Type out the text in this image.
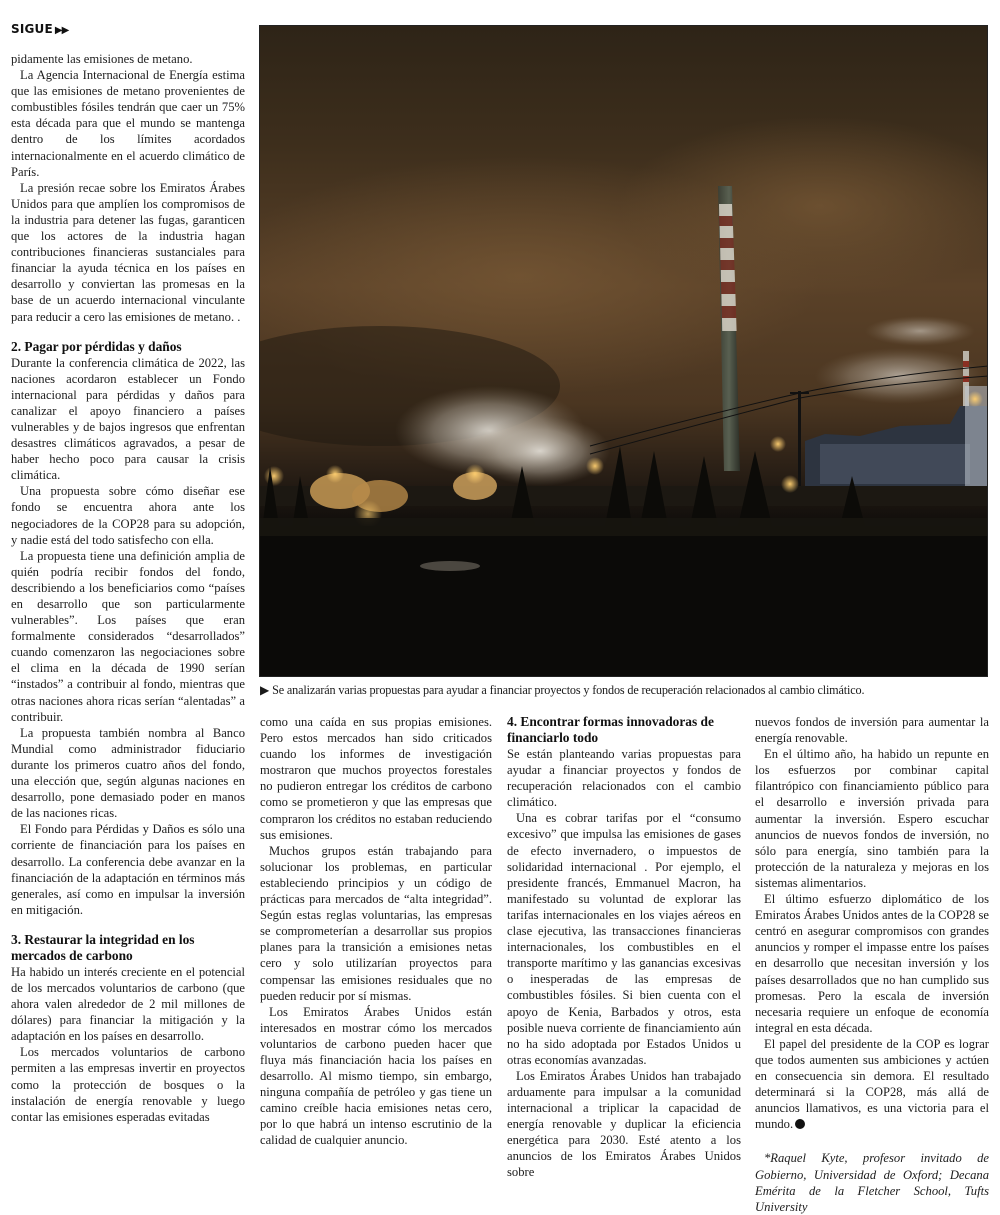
SIGUE ▶▶

pidamente las emisiones de metano.

La Agencia Internacional de Energía estima que las emisiones de metano provenientes de combustibles fósiles tendrán que caer un 75% esta década para que el mundo se mantenga dentro de los límites acordados internacionalmente en el acuerdo climático de París.

La presión recae sobre los Emiratos Árabes Unidos para que amplíen los compromisos de la industria para detener las fugas, garanticen que los actores de la industria hagan contribuciones financieras sustanciales para financiar la ayuda técnica en los países en desarrollo y conviertan las promesas en la base de un acuerdo internacional vinculante para reducir a cero las emisiones de metano. .

2. Pagar por pérdidas y daños

Durante la conferencia climática de 2022, las naciones acordaron establecer un Fondo internacional para pérdidas y daños para canalizar el apoyo financiero a países vulnerables y de bajos ingresos que enfrentan desastres climáticos agravados, a pesar de haber hecho poco para causar la crisis climática.

Una propuesta sobre cómo diseñar ese fondo se encuentra ahora ante los negociadores de la COP28 para su adopción, y nadie está del todo satisfecho con ella.

La propuesta tiene una definición amplia de quién podría recibir fondos del fondo, describiendo a los beneficiarios como “países en desarrollo que son particularmente vulnerables”. Los países que eran formalmente considerados “desarrollados” cuando comenzaron las negociaciones sobre el clima en la década de 1990 serían “instados” a contribuir al fondo, mientras que otras naciones ahora ricas serían “alentadas” a contribuir.

La propuesta también nombra al Banco Mundial como administrador fiduciario durante los primeros cuatro años del fondo, una elección que, según algunas naciones en desarrollo, pone demasiado poder en manos de las naciones ricas.

El Fondo para Pérdidas y Daños es sólo una corriente de financiación para los países en desarrollo. La conferencia debe avanzar en la financiación de la adaptación en términos más generales, así como en impulsar la inversión en mitigación.

3. Restaurar la integridad en los mercados de carbono

Ha habido un interés creciente en el potencial de los mercados voluntarios de carbono (que ahora valen alrededor de 2 mil millones de dólares) para financiar la mitigación y la adaptación en los países en desarrollo.

Los mercados voluntarios de carbono permiten a las empresas invertir en proyectos como la protección de bosques o la instalación de energía renovable y luego contar las emisiones esperadas evitadas

▶ Se analizarán varias propuestas para ayudar a financiar proyectos y fondos de recuperación relacionados al cambio climático.

como una caída en sus propias emisiones. Pero estos mercados han sido criticados cuando los informes de investigación mostraron que muchos proyectos forestales no pudieron entregar los créditos de carbono como se prometieron y que las empresas que compraron los créditos no estaban reduciendo sus emisiones.

Muchos grupos están trabajando para solucionar los problemas, en particular estableciendo principios y un código de prácticas para mercados de “alta integridad”. Según estas reglas voluntarias, las empresas se comprometerían a desarrollar sus propios planes para la transición a emisiones netas cero y solo utilizarían proyectos para compensar las emisiones residuales que no pueden reducir por sí mismas.

Los Emiratos Árabes Unidos están interesados en mostrar cómo los mercados voluntarios de carbono pueden hacer que fluya más financiación hacia los países en desarrollo. Al mismo tiempo, sin embargo, ninguna compañía de petróleo y gas tiene un camino creíble hacia emisiones netas cero, por lo que habrá un intenso escrutinio de la calidad de cualquier anuncio.

4. Encontrar formas innovadoras de financiarlo todo

Se están planteando varias propuestas para ayudar a financiar proyectos y fondos de recuperación relacionados con el cambio climático.

Una es cobrar tarifas por el “consumo excesivo” que impulsa las emisiones de gases de efecto invernadero, o impuestos de solidaridad internacional . Por ejemplo, el presidente francés, Emmanuel Macron, ha manifestado su voluntad de explorar las tarifas internacionales en los viajes aéreos en clase ejecutiva, las transacciones financieras internacionales, los combustibles en el transporte marítimo y las ganancias excesivas o inesperadas de las empresas de combustibles fósiles. Si bien cuenta con el apoyo de Kenia, Barbados y otros, esta posible nueva corriente de financiamiento aún no ha sido adoptada por Estados Unidos u otras economías avanzadas.

Los Emiratos Árabes Unidos han trabajado arduamente para impulsar a la comunidad internacional a triplicar la capacidad de energía renovable y duplicar la eficiencia energética para 2030. Esté atento a los anuncios de los Emiratos Árabes Unidos sobre

nuevos fondos de inversión para aumentar la energía renovable.

En el último año, ha habido un repunte en los esfuerzos por combinar capital filantrópico con financiamiento público para el desarrollo e inversión privada para aumentar la inversión. Espero escuchar anuncios de nuevos fondos de inversión, no sólo para energía, sino también para la protección de la naturaleza y mejoras en los sistemas alimentarios.

El último esfuerzo diplomático de los Emiratos Árabes Unidos antes de la COP28 se centró en asegurar compromisos con grandes anuncios y romper el impasse entre los países en desarrollo que necesitan inversión y los países desarrollados que no han cumplido sus promesas. Pero la escala de inversión necesaria requiere un enfoque de economía integral en esta década.

El papel del presidente de la COP es lograr que todos aumenten sus ambiciones y actúen en consecuencia sin demora. El resultado determinará si la COP28, más allá de anuncios llamativos, es una victoria para el mundo.

*Raquel Kyte, profesor invitado de Gobierno, Universidad de Oxford; Decana Emérita de la Fletcher School, Tufts University
